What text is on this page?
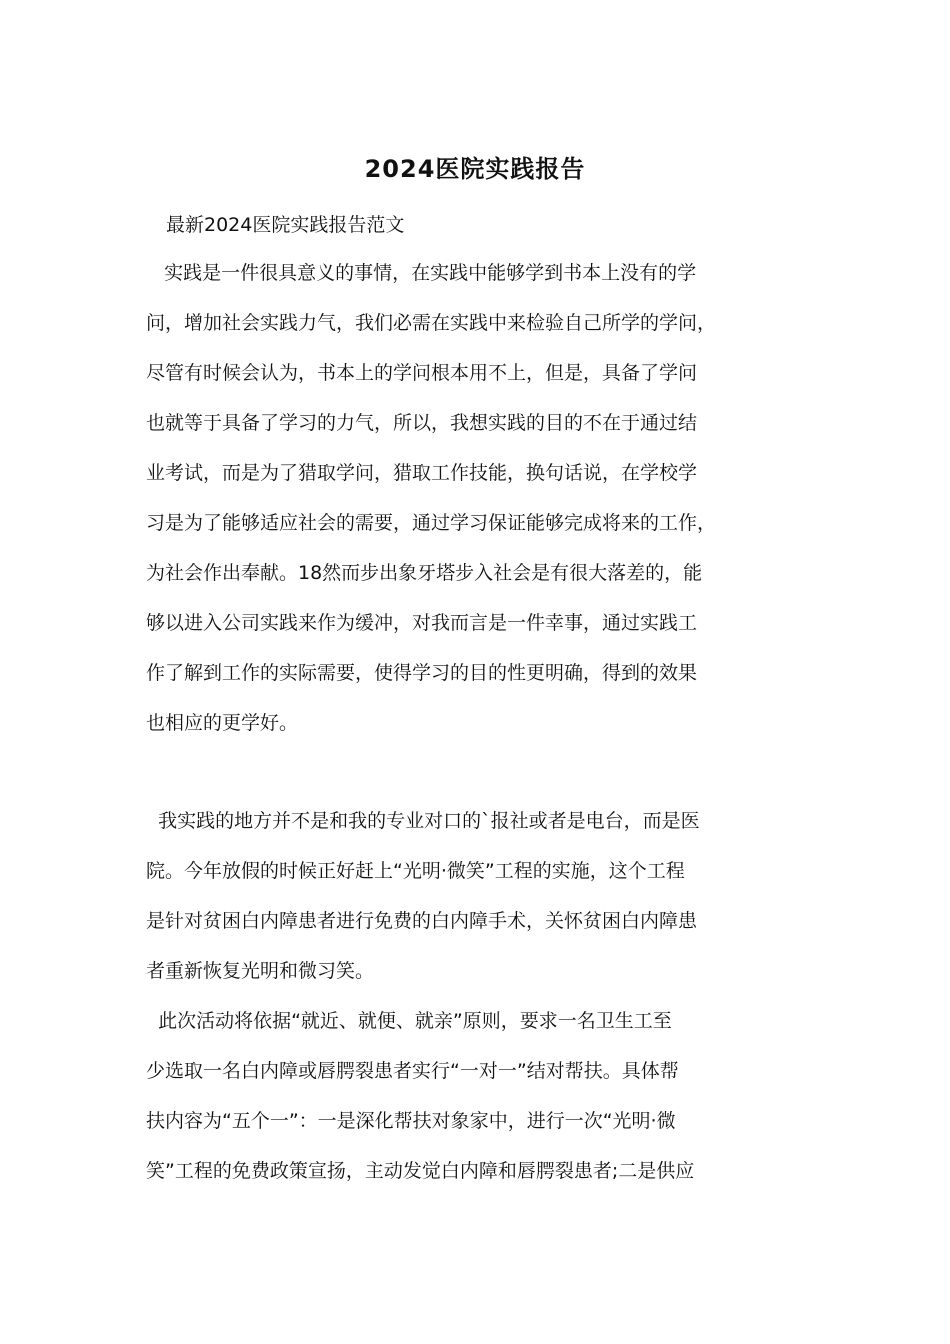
2024医院实践报告
最新2024医院实践报告范文
实践是一件很具意义的事情，在实践中能够学到书本上没有的学
问，增加社会实践力气，我们必需在实践中来检验自己所学的学问，
尽管有时候会认为，书本上的学问根本用不上，但是，具备了学问
也就等于具备了学习的力气，所以，我想实践的目的不在于通过结
业考试，而是为了猎取学问，猎取工作技能，换句话说，在学校学
习是为了能够适应社会的需要，通过学习保证能够完成将来的工作，
为社会作出奉献。18然而步出象牙塔步入社会是有很大落差的，能
够以进入公司实践来作为缓冲，对我而言是一件幸事，通过实践工
作了解到工作的实际需要，使得学习的目的性更明确，得到的效果
也相应的更学好。
我实践的地方并不是和我的专业对口的`报社或者是电台，而是医
院。今年放假的时候正好赶上“光明·微笑”工程的实施，这个工程
是针对贫困白内障患者进行免费的白内障手术，关怀贫困白内障患
者重新恢复光明和微习笑。
此次活动将依据“就近、就便、就亲”原则，要求一名卫生工至
少选取一名白内障或唇腭裂患者实行“一对一”结对帮扶。具体帮
扶内容为“五个一”：一是深化帮扶对象家中，进行一次“光明·微
笑”工程的免费政策宣扬，主动发觉白内障和唇腭裂患者;二是供应
